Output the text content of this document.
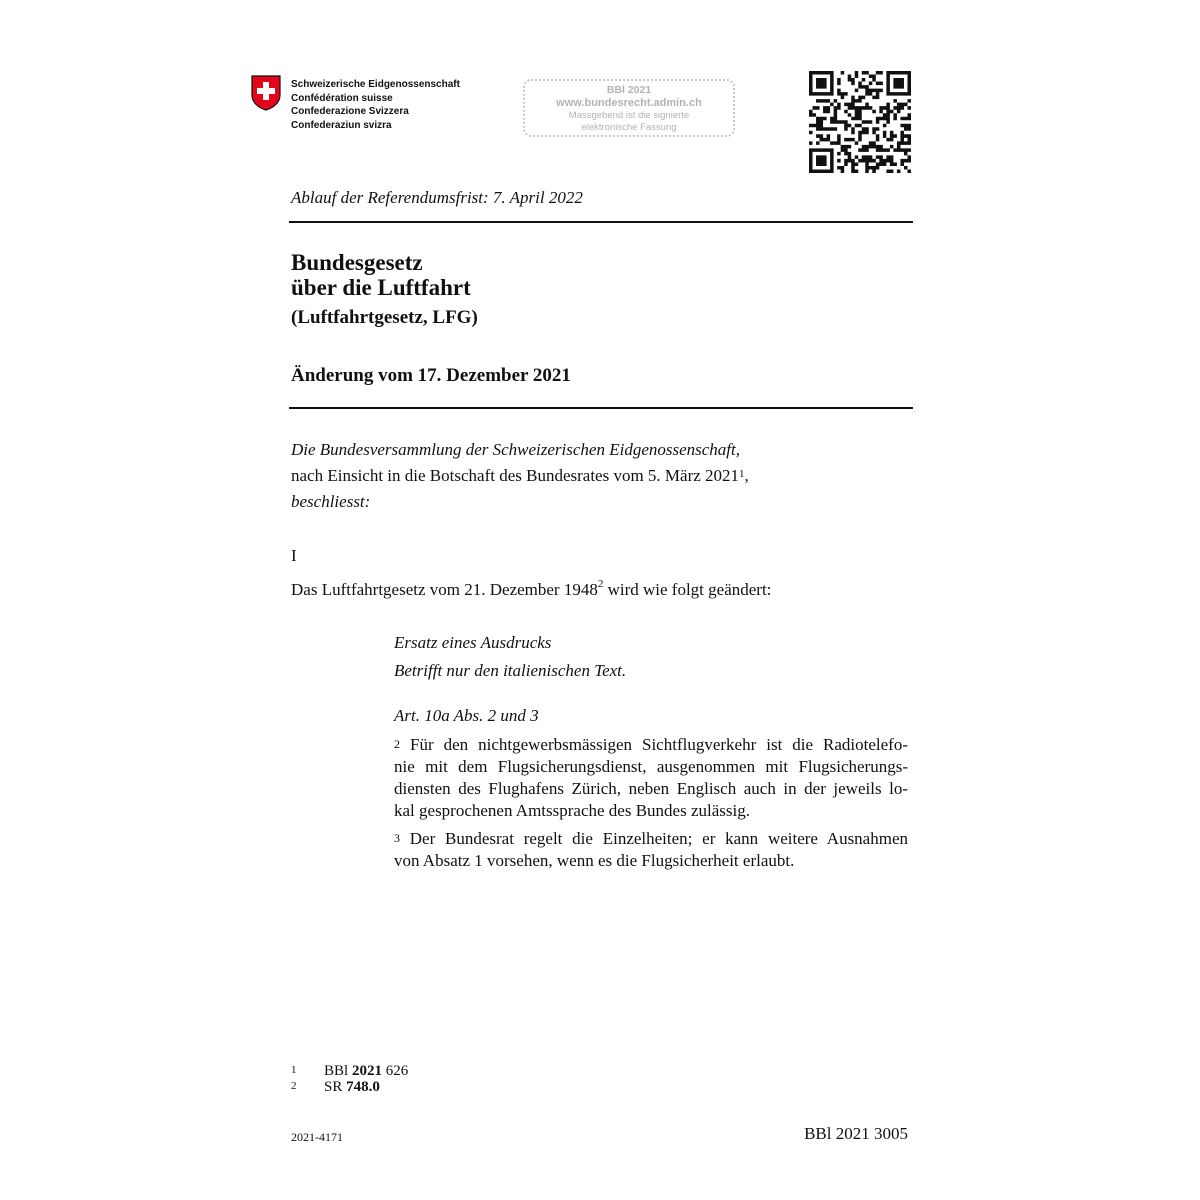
Schweizerische Eidgenossenschaft
Confédération suisse
Confederazione Svizzera
Confederaziun svizra
BBl 2021
www.bundesrecht.admin.ch
Massgebend ist die signierte
elektronische Fassung
Ablauf der Referendumsfrist: 7. April 2022
Bundesgesetz
über die Luftfahrt
(Luftfahrtgesetz, LFG)
Änderung vom 17. Dezember 2021
Die Bundesversammlung der Schweizerischen Eidgenossenschaft,
nach Einsicht in die Botschaft des Bundesrates vom 5. März 2021$^1$,
beschliesst:
I
Das Luftfahrtgesetz vom 21. Dezember 1948$^2$ wird wie folgt geändert:
Ersatz eines Ausdrucks
Betrifft nur den italienischen Text.
Art. 10a Abs. 2 und 3
$^2$ Für den nichtgewerbsmässigen Sichtflugverkehr ist die Radiotelefo-
nie mit dem Flugsicherungsdienst, ausgenommen mit Flugsicherungs-
diensten des Flughafens Zürich, neben Englisch auch in der jeweils lo-
kal gesprochenen Amtssprache des Bundes zulässig.
$^3$ Der Bundesrat regelt die Einzelheiten; er kann weitere Ausnahmen
von Absatz 1 vorsehen, wenn es die Flugsicherheit erlaubt.
1	BBl 2021 626
2	SR 748.0
2021-4171	BBl 2021 3005
